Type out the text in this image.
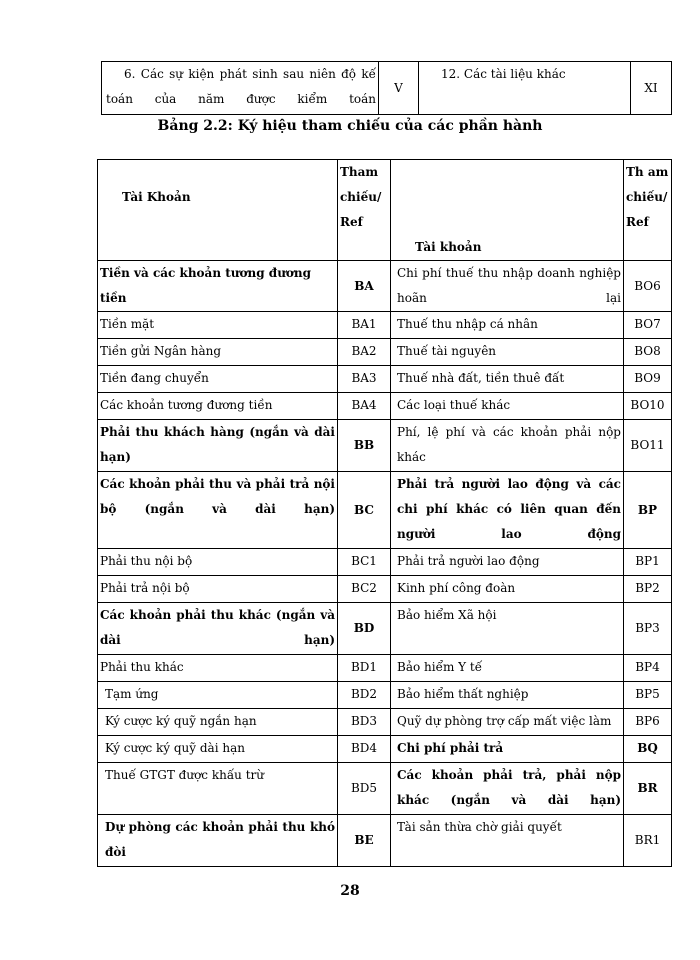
6. Các sự kiện phát sinh sau niên độ kế toán của năm được kiểm toán	V	12. Các tài liệu khác	XI
Bảng 2.2: Ký hiệu tham chiếu của các phần hành
Tài Khoản	Tham chiếu/ Ref	Tài khoản	Th am chiếu/ Ref
Tiền và các khoản tương đương tiền	BA	Chi phí thuế thu nhập doanh nghiệp hoãn lại	BO6
Tiền mặt	BA1	Thuế thu nhập cá nhân	BO7
Tiền gửi Ngân hàng	BA2	Thuế tài nguyên	BO8
Tiền đang chuyển	BA3	Thuế nhà đất, tiền thuê đất	BO9
Các khoản tương đương tiền	BA4	Các loại thuế khác	BO10
Phải thu khách hàng (ngắn và dài hạn)	BB	Phí, lệ phí và các khoản phải nộp khác	BO11
Các khoản phải thu và phải trả nội bộ (ngắn và dài hạn)	BC	Phải trả người lao động và các chi phí khác có liên quan đến người lao động	BP
Phải thu nội bộ	BC1	Phải trả người lao động	BP1
Phải trả nội bộ	BC2	Kinh phí công đoàn	BP2
Các khoản phải thu khác (ngắn và dài hạn)	BD	Bảo hiểm Xã hội	BP3
Phải thu khác	BD1	Bảo hiểm Y tế	BP4
Tạm ứng	BD2	Bảo hiểm thất nghiệp	BP5
Ký cược ký quỹ ngắn hạn	BD3	Quỹ dự phòng trợ cấp mất việc làm	BP6
Ký cược ký quỹ dài hạn	BD4	Chi phí phải trả	BQ
Thuế GTGT được khấu trừ	BD5	Các khoản phải trả, phải nộp khác (ngắn và dài hạn)	BR
Dự phòng các khoản phải thu khó đòi	BE	Tài sản thừa chờ giải quyết	BR1
28
